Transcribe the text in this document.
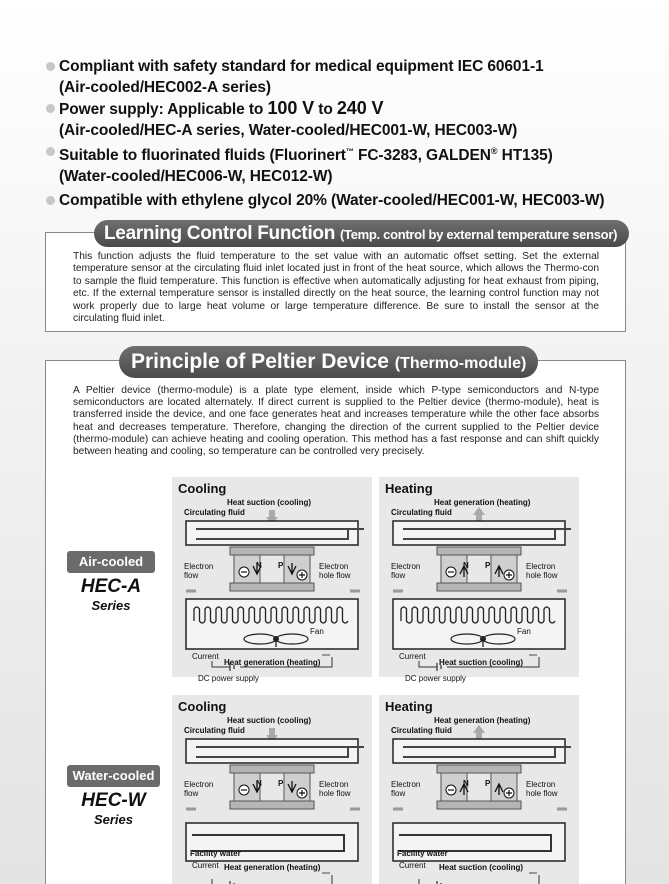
Compliant with safety standard for medical equipment IEC 60601-1
(Air-cooled/HEC002-A series)
Power supply: Applicable to 100 V to 240 V
(Air-cooled/HEC-A series, Water-cooled/HEC001-W, HEC003-W)
Suitable to fluorinated fluids (Fluorinert™ FC-3283, GALDEN® HT135)
(Water-cooled/HEC006-W, HEC012-W)
Compatible with ethylene glycol 20% (Water-cooled/HEC001-W, HEC003-W)
Learning Control Function (Temp. control by external temperature sensor)
This function adjusts the fluid temperature to the set value with an automatic offset setting. Set the external temperature sensor at the circulating fluid inlet located just in front of the heat source, which allows the Thermo-con to sample the fluid temperature. This function is effective when automatically adjusting for heat exhaust from piping, etc. If the external temperature sensor is installed directly on the heat source, the learning control function may not work properly due to large heat volume or large temperature difference. Be sure to install the sensor at the circulating fluid inlet.
Principle of Peltier Device (Thermo-module)
A Peltier device (thermo-module) is a plate type element, inside which P-type semiconductors and N-type semiconductors are located alternately. If direct current is supplied to the Peltier device (thermo-module), heat is transferred inside the device, and one face generates heat and increases temperature while the other face absorbs heat and decreases temperature. Therefore, changing the direction of the current supplied to the Peltier device (thermo-module) can achieve heating and cooling operation. This method has a fast response and can shift quickly between heating and cooling, so temperature can be controlled very precisely.
Air-cooled
HEC-A
Series
Water-cooled
HEC-W
Series
Cooling
Heat suction (cooling)
Circulating fluid
Electron
flow
N P	Electron
hole flow
Fan
Current
Heat generation (heating)
DC power supply
Heating
Heat generation (heating)
Circulating fluid
Electron
flow
N P	Electron
hole flow
Fan
Current
Heat suction (cooling)
DC power supply
Cooling
Heat suction (cooling)
Circulating fluid
Electron
flow
N P	Electron
hole flow
Facility water
Current Heat generation (heating)
Heating
Heat generation (heating)
Circulating fluid
Electron
flow
N P	Electron
hole flow
Facility water
Current Heat suction (cooling)
